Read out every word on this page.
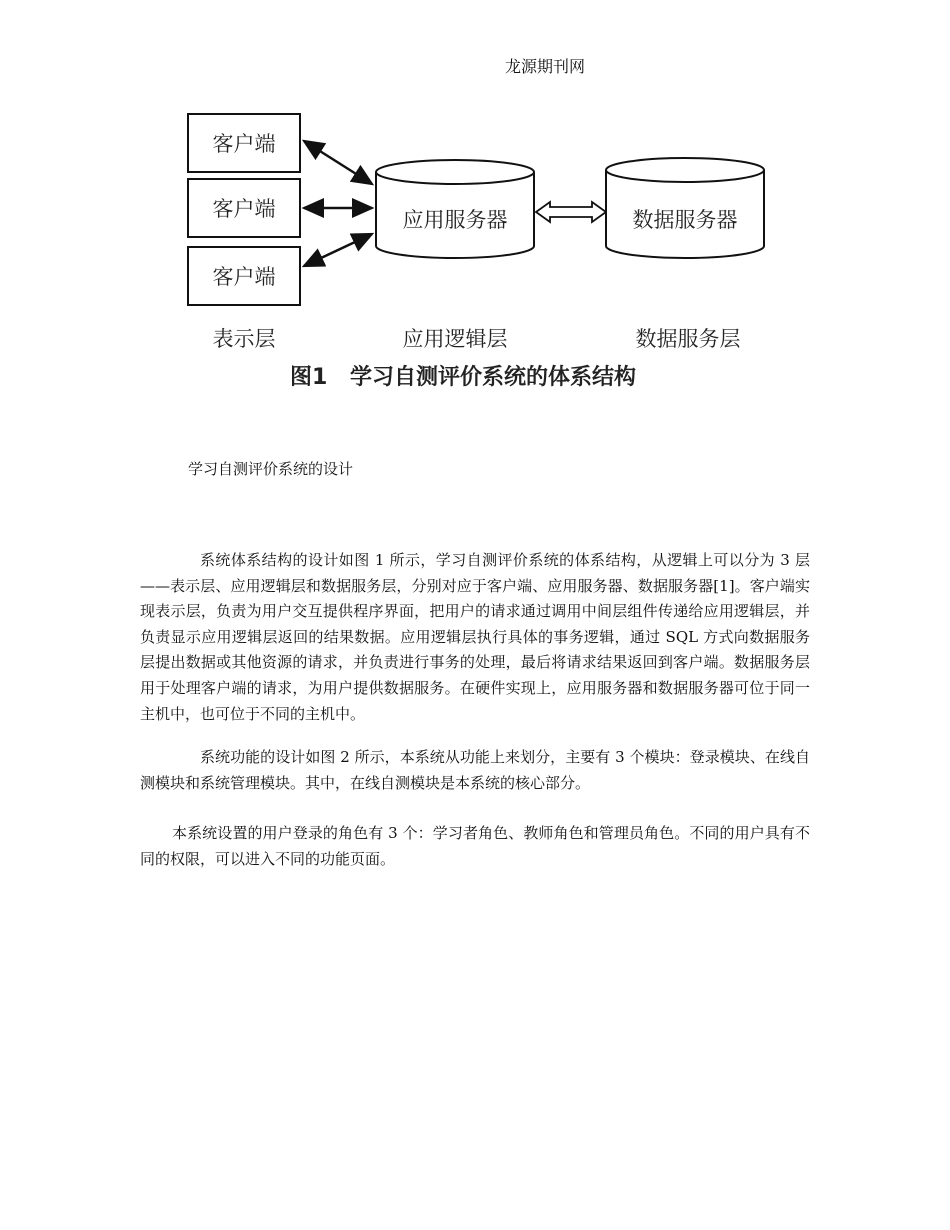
龙源期刊网
客户端
客户端
客户端
应用服务器	数据服务器
表示层	应用逻辑层	数据服务层
图1 学习自测评价系统的体系结构
学习自测评价系统的设计

系统体系结构的设计如图 1 所示，学习自测评价系统的体系结构，从逻辑上可以分为 3 层——表示层、应用逻辑层和数据服务层，分别对应于客户端、应用服务器、数据服务器[1]。客户端实现表示层，负责为用户交互提供程序界面，把用户的请求通过调用中间层组件传递给应用逻辑层，并负责显示应用逻辑层返回的结果数据。应用逻辑层执行具体的事务逻辑，通过 SQL 方式向数据服务层提出数据或其他资源的请求，并负责进行事务的处理，最后将请求结果返回到客户端。数据服务层用于处理客户端的请求，为用户提供数据服务。在硬件实现上，应用服务器和数据服务器可位于同一主机中，也可位于不同的主机中。

系统功能的设计如图 2 所示，本系统从功能上来划分，主要有 3 个模块：登录模块、在线自测模块和系统管理模块。其中，在线自测模块是本系统的核心部分。

本系统设置的用户登录的角色有 3 个：学习者角色、教师角色和管理员角色。不同的用户具有不同的权限，可以进入不同的功能页面。
